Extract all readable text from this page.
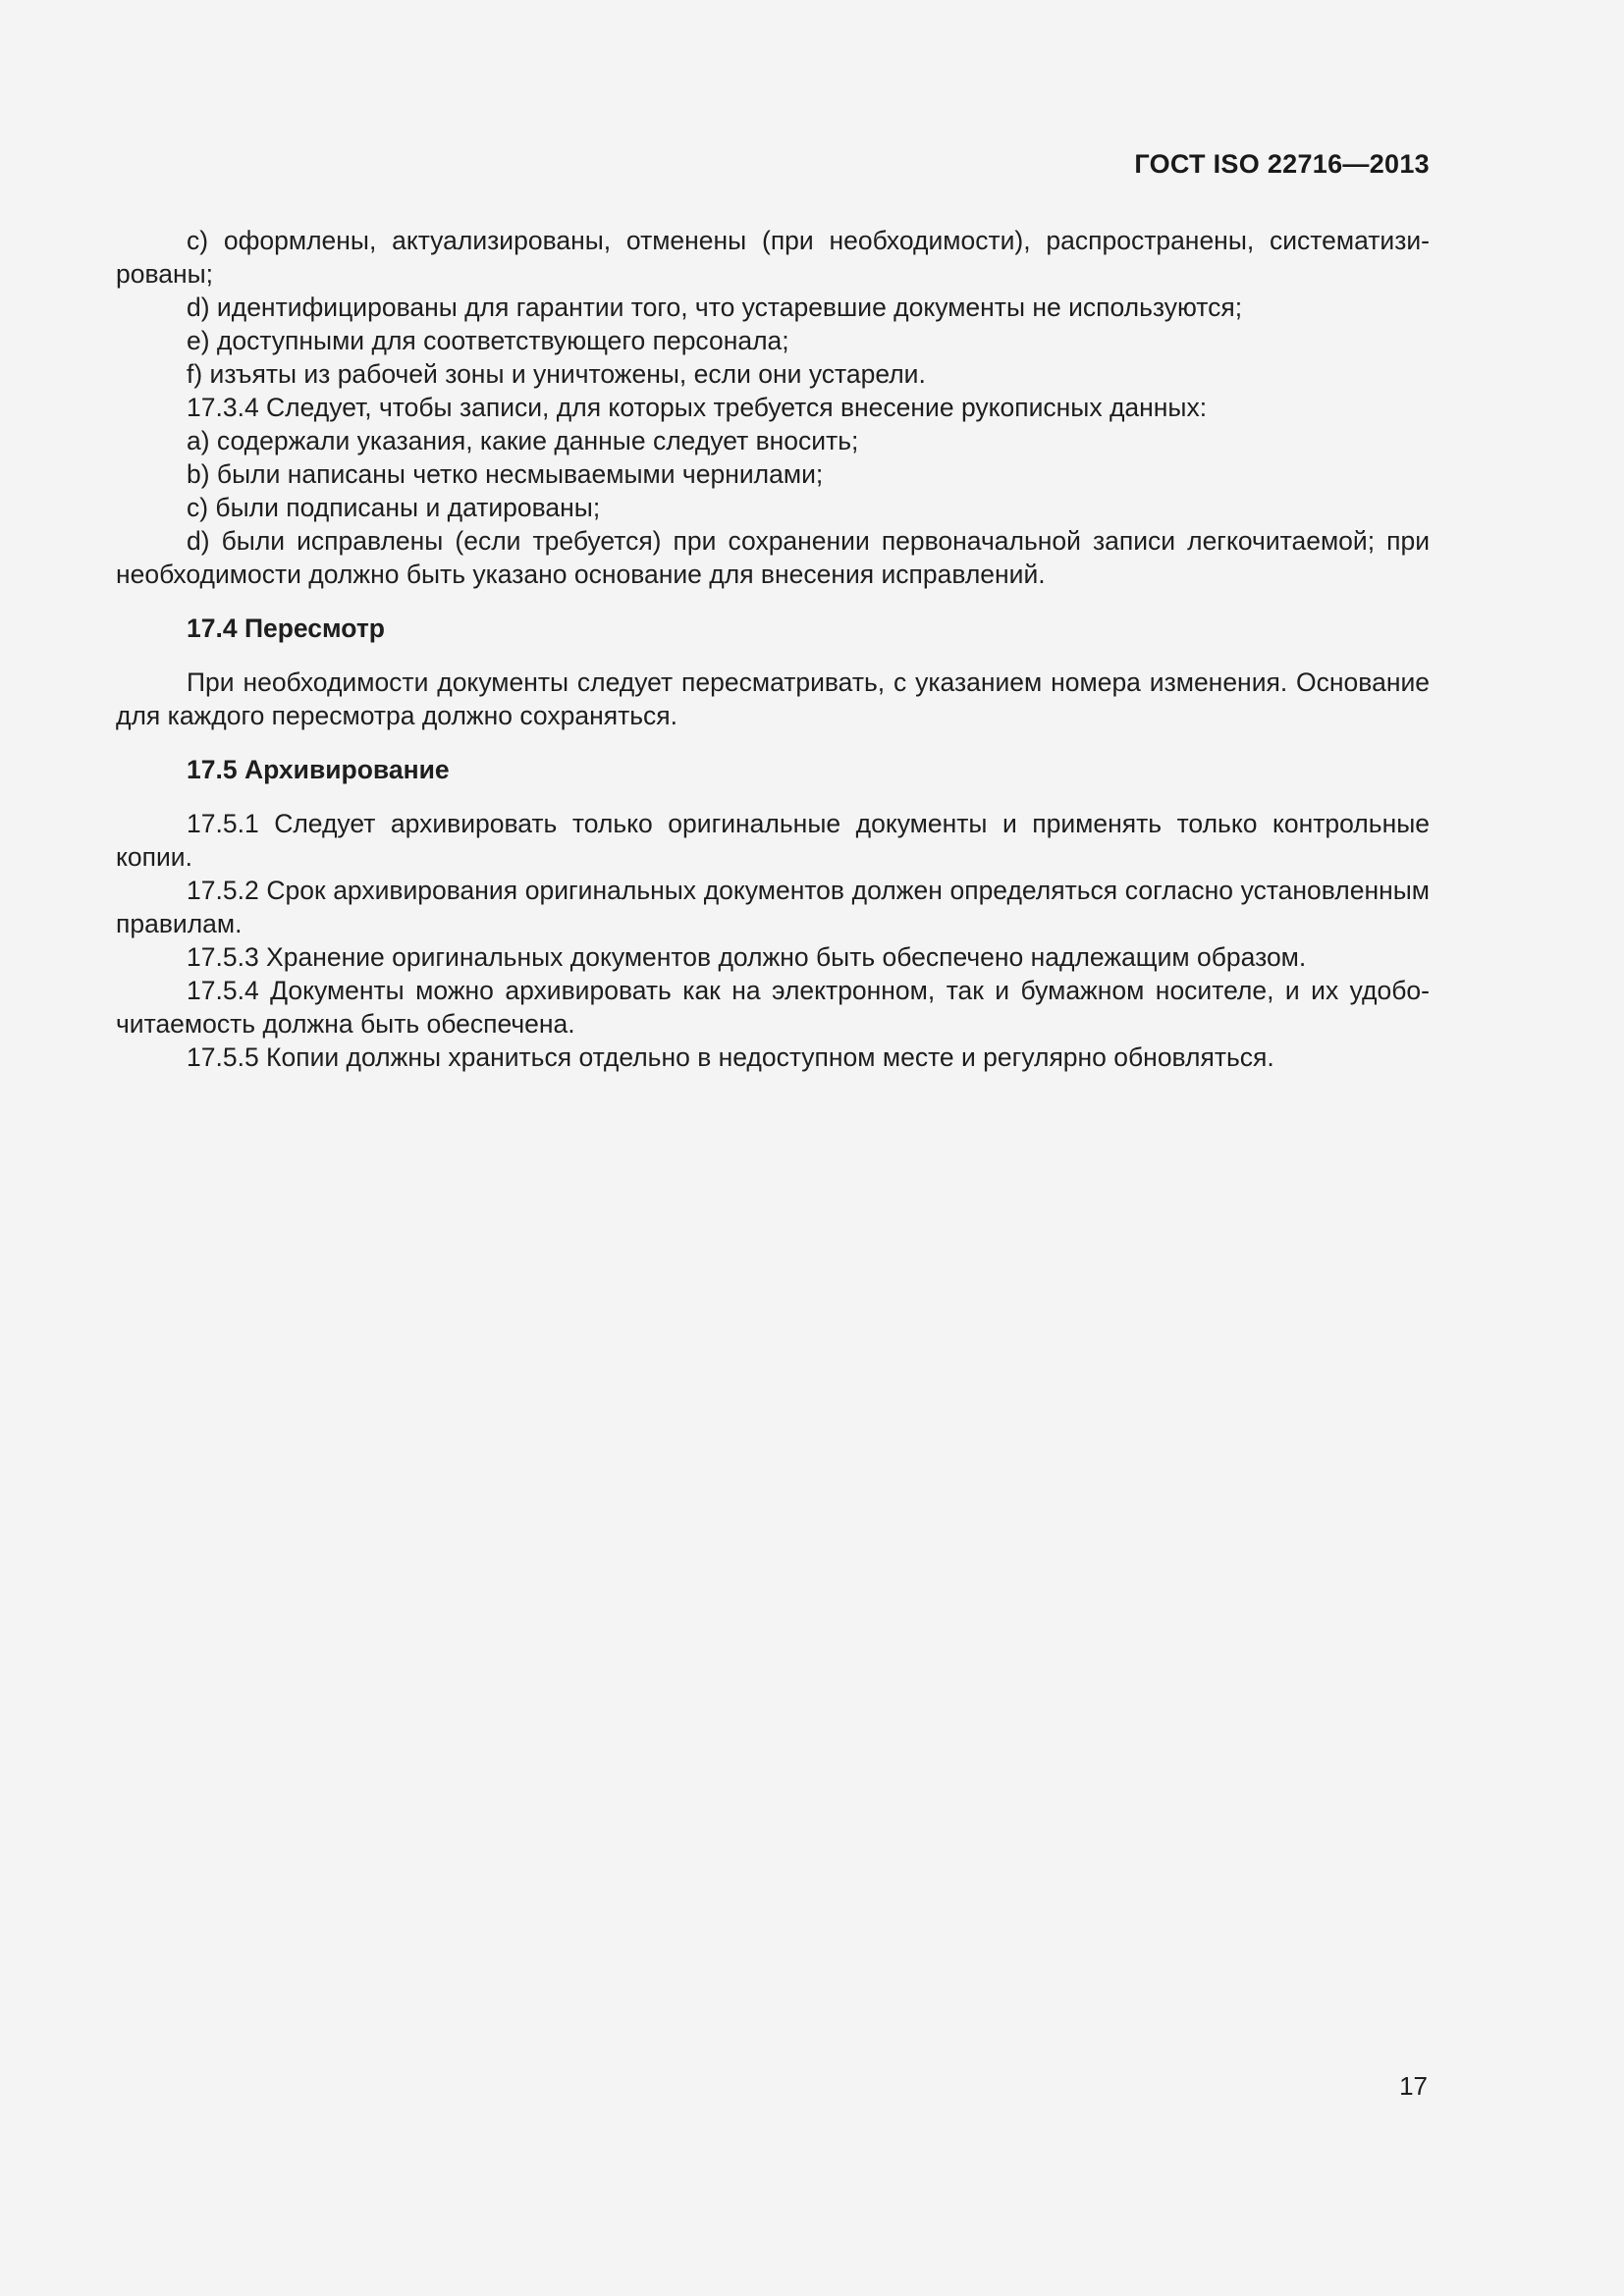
ГОСТ ISO 22716—2013

c) оформлены, актуализированы, отменены (при необходимости), распространены, систематизированы;

d) идентифицированы для гарантии того, что устаревшие документы не используются;

e) доступными для соответствующего персонала;

f) изъяты из рабочей зоны и уничтожены, если они устарели.

17.3.4 Следует, чтобы записи, для которых требуется внесение рукописных данных:

a) содержали указания, какие данные следует вносить;

b) были написаны четко несмываемыми чернилами;

c) были подписаны и датированы;

d) были исправлены (если требуется) при сохранении первоначальной записи легкочитаемой; при необходимости должно быть указано основание для внесения исправлений.

17.4 Пересмотр

При необходимости документы следует пересматривать, с указанием номера изменения. Основание для каждого пересмотра должно сохраняться.

17.5 Архивирование

17.5.1 Следует архивировать только оригинальные документы и применять только контрольные копии.

17.5.2 Срок архивирования оригинальных документов должен определяться согласно установленным правилам.

17.5.3 Хранение оригинальных документов должно быть обеспечено надлежащим образом.

17.5.4 Документы можно архивировать как на электронном, так и бумажном носителе, и их удобочитаемость должна быть обеспечена.

17.5.5 Копии должны храниться отдельно в недоступном месте и регулярно обновляться.

17
